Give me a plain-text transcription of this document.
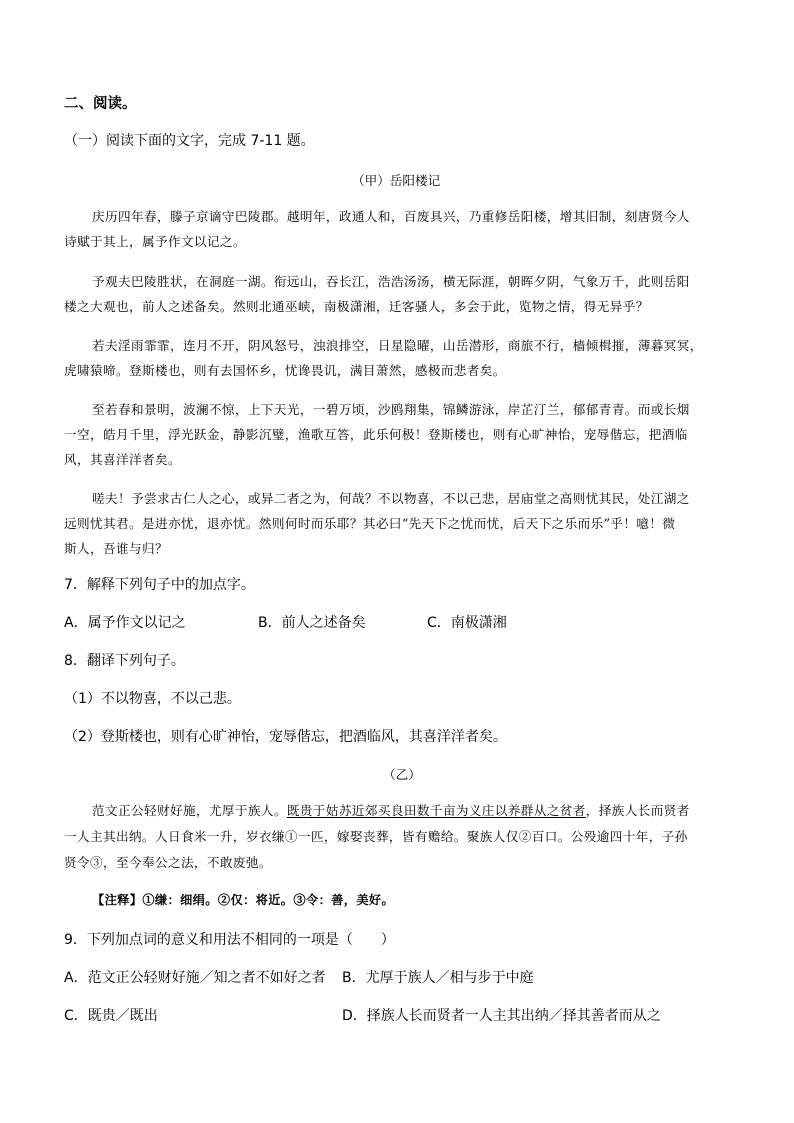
二、阅读。
（一）阅读下面的文字，完成 7-11 题。
（甲）岳阳楼记
庆历四年春，滕子京谪守巴陵郡。越明年，政通人和，百废具兴，乃重修岳阳楼，增其旧制，刻唐贤今人
诗赋于其上，属予作文以记之。
予观夫巴陵胜状，在洞庭一湖。衔远山，吞长江，浩浩汤汤，横无际涯，朝晖夕阴，气象万千，此则岳阳
楼之大观也，前人之述备矣。然则北通巫峡，南极潇湘，迁客骚人，多会于此，览物之情，得无异乎？
若夫淫雨霏霏，连月不开，阴风怒号，浊浪排空，日星隐曜，山岳潜形，商旅不行，樯倾楫摧，薄暮冥冥，
虎啸猿啼。登斯楼也，则有去国怀乡，忧谗畏讥，满目萧然，感极而悲者矣。
至若春和景明，波澜不惊，上下天光，一碧万顷，沙鸥翔集，锦鳞游泳，岸芷汀兰，郁郁青青。而或长烟
一空，皓月千里，浮光跃金，静影沉璧，渔歌互答，此乐何极！登斯楼也，则有心旷神怡，宠辱偕忘，把酒临
风，其喜洋洋者矣。
嗟夫！予尝求古仁人之心，或异二者之为，何哉？不以物喜，不以己悲，居庙堂之高则忧其民，处江湖之
远则忧其君。是进亦忧，退亦忧。然则何时而乐耶？其必曰“先天下之忧而忧，后天下之乐而乐”乎！噫！微
斯人，吾谁与归？
7．解释下列句子中的加点字。
A．属予作文以记之	B．前人之述备矣	C．南极潇湘
8．翻译下列句子。
（1）不以物喜，不以己悲。
（2）登斯楼也，则有心旷神怡，宠辱偕忘，把酒临风，其喜洋洋者矣。
（乙）
范文正公轻财好施，尤厚于族人。既贵于姑苏近郊买良田数千亩为义庄以养群从之贫者，择族人长而贤者
一人主其出纳。人日食米一升，岁衣缣①一匹，嫁娶丧葬，皆有赡给。聚族人仅②百口。公殁逾四十年，子孙
贤令③，至今奉公之法，不敢废弛。
【注释】①缣：细绢。②仅：将近。③令：善，美好。
9．下列加点词的意义和用法不相同的一项是（　　）
A．范文正公轻财好施／知之者不如好之者 B．尤厚于族人／相与步于中庭
C．既贵／既出	D．择族人长而贤者一人主其出纳／择其善者而从之
